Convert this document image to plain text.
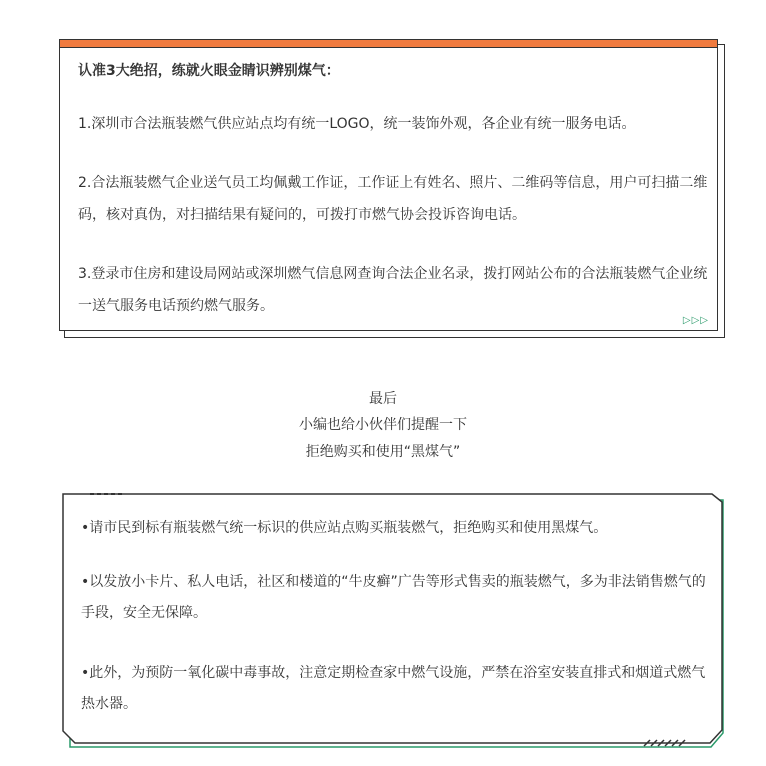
认准3大绝招，练就火眼金睛识辨别煤气：
1.深圳市合法瓶装燃气供应站点均有统一LOGO，统一装饰外观，各企业有统一服务电话。
2.合法瓶装燃气企业送气员工均佩戴工作证，工作证上有姓名、照片、二维码等信息，用户可扫描二维码，核对真伪，对扫描结果有疑问的，可拨打市燃气协会投诉咨询电话。
3.登录市住房和建设局网站或深圳燃气信息网查询合法企业名录，拨打网站公布的合法瓶装燃气企业统一送气服务电话预约燃气服务。
▷▷▷
最后
小编也给小伙伴们提醒一下
拒绝购买和使用“黑煤气”
•请市民到标有瓶装燃气统一标识的供应站点购买瓶装燃气，拒绝购买和使用黑煤气。
•以发放小卡片、私人电话，社区和楼道的“牛皮癣”广告等形式售卖的瓶装燃气，多为非法销售燃气的手段，安全无保障。
•此外，为预防一氧化碳中毒事故，注意定期检查家中燃气设施，严禁在浴室安装直排式和烟道式燃气热水器。
